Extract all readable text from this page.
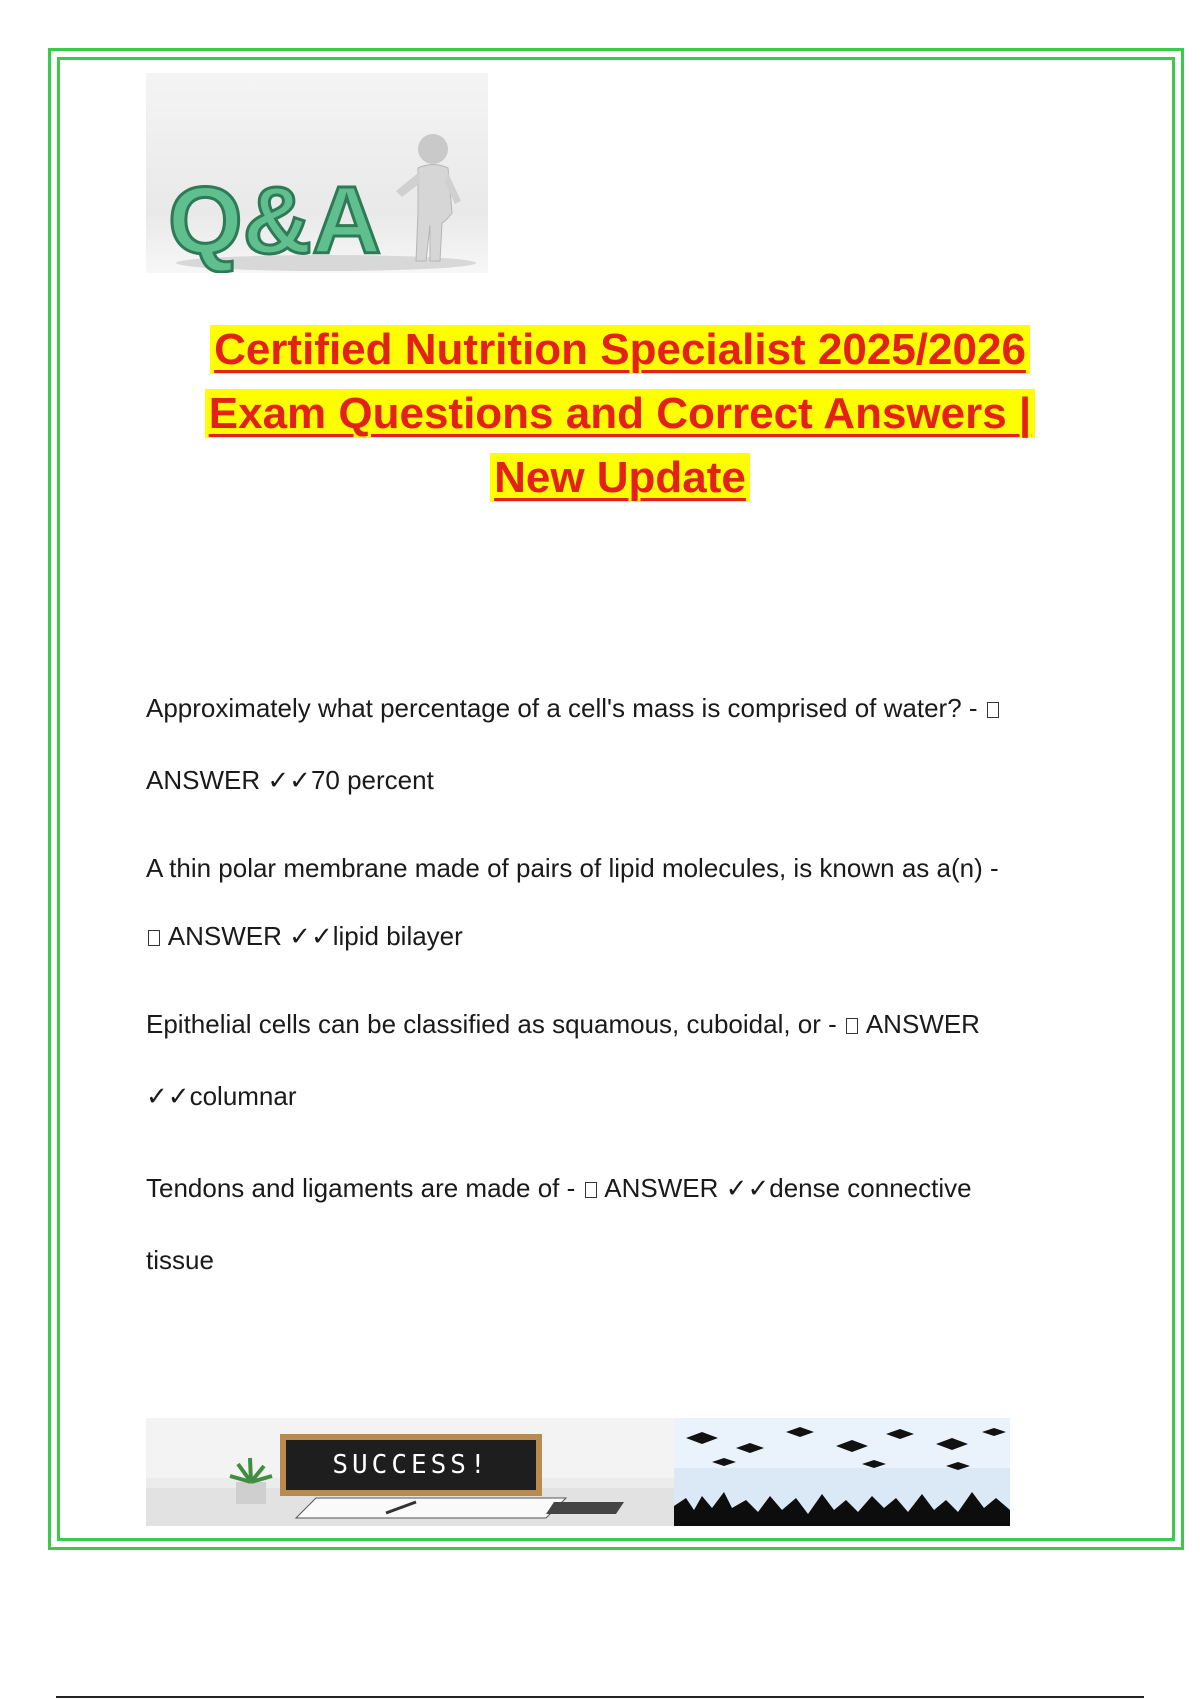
Q&A
Certified Nutrition Specialist 2025/2026
Exam Questions and Correct Answers |
New Update

Approximately what percentage of a cell's mass is comprised of water? -

ANSWER ✓✓70 percent

A thin polar membrane made of pairs of lipid molecules, is known as a(n) -

ANSWER ✓✓lipid bilayer

Epithelial cells can be classified as squamous, cuboidal, or - ANSWER

✓✓columnar

Tendons and ligaments are made of - ANSWER ✓✓dense connective

tissue

SUCCESS!
